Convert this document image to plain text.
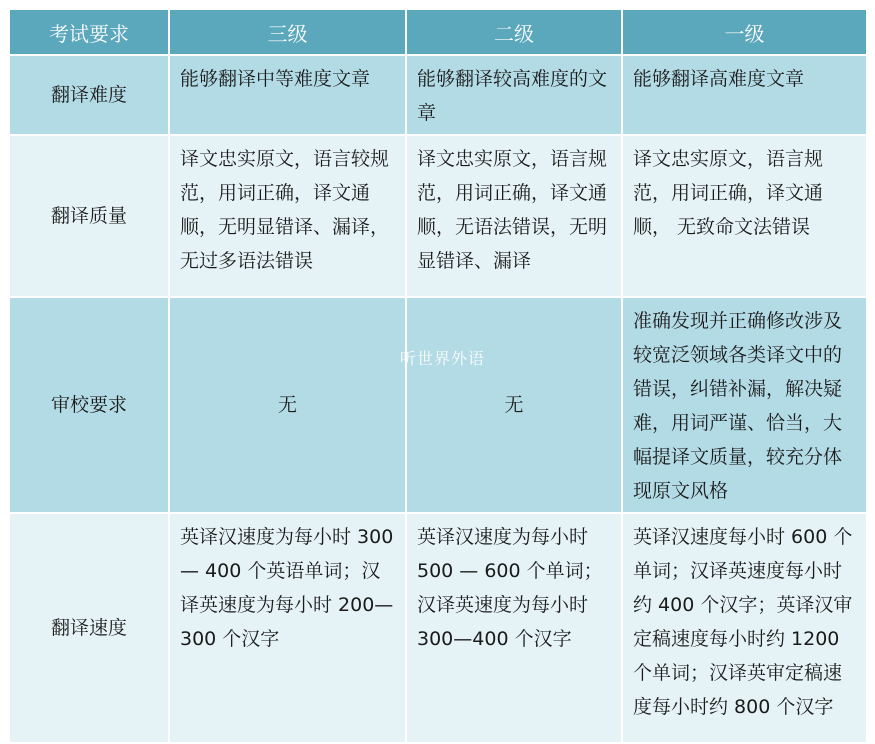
考试要求	三级	二级	一级
翻译难度	能够翻译中等难度文章	能够翻译较高难度的文章	能够翻译高难度文章
翻译质量	译文忠实原文，语言较规范，用词正确，译文通顺，无明显错译、漏译，无过多语法错误	译文忠实原文，语言规范，用词正确，译文通顺，无语法错误，无明显错译、漏译	译文忠实原文，语言规范，用词正确，译文通顺， 无致命文法错误
审校要求	无	无	准确发现并正确修改涉及较宽泛领域各类译文中的错误，纠错补漏，解决疑难，用词严谨、恰当，大幅提译文质量，较充分体现原文风格
翻译速度	英译汉速度为每小时 300 — 400 个英语单词；汉译英速度为每小时 200—300 个汉字	英译汉速度为每小时 500 — 600 个单词；汉译英速度为每小时 300—400 个汉字	英译汉速度每小时 600 个单词；汉译英速度每小时约 400 个汉字；英译汉审定稿速度每小时约 1200 个单词；汉译英审定稿速度每小时约 800 个汉字
听世界外语
